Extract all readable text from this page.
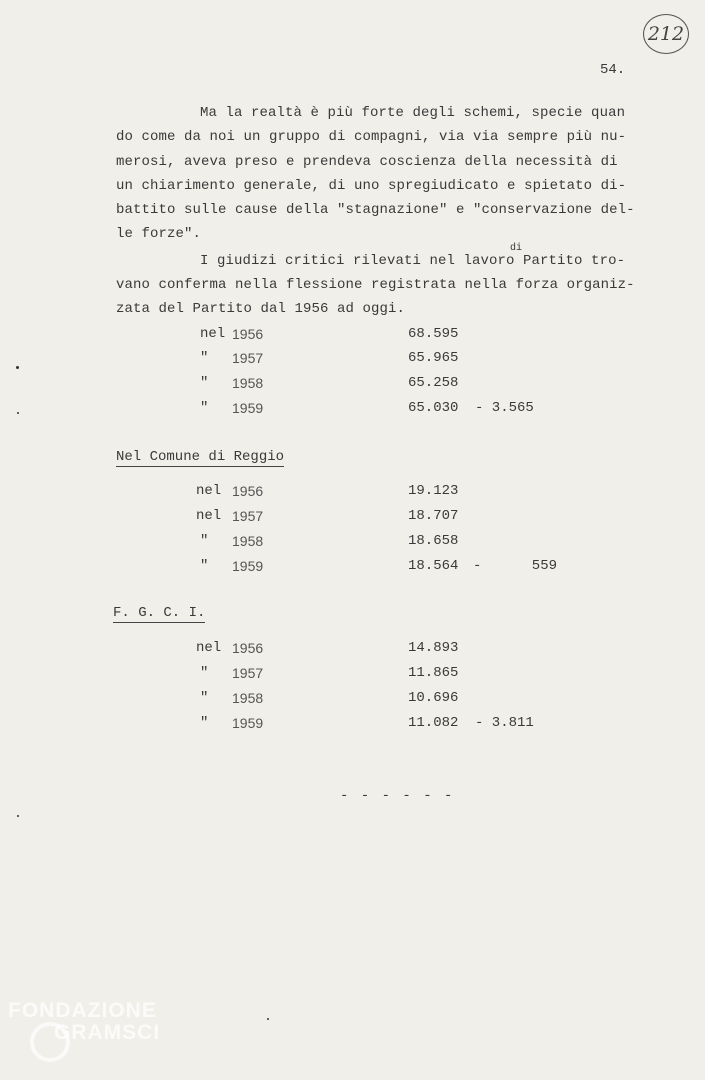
212
54.
Ma la realtà è più forte degli schemi, specie quan
do come da noi un gruppo di compagni, via via sempre più nu-
merosi, aveva preso e prendeva coscienza della necessità di
un chiarimento generale, di uno spregiudicato e spietato di-
battito sulle cause della "stagnazione" e "conservazione del-
le forze".
di
I giudizi critici rilevati nel lavoro Partito tro-
vano conferma nella flessione registrata nella forza organiz-
zata del Partito dal 1956 ad oggi.
nel 1956	68.595
" 1957	65.965
" 1958	65.258
" 1959	65.030 - 3.565
Nel Comune di Reggio
nel 1956	19.123
nel 1957	18.707
" 1958	18.658
" 1959	18.564 -      559
F. G. C. I.
nel 1956	14.893
" 1957	11.865
" 1958	10.696
" 1959	11.082 - 3.811
- - - - - -
FONDAZIONE
GRAMSCI
